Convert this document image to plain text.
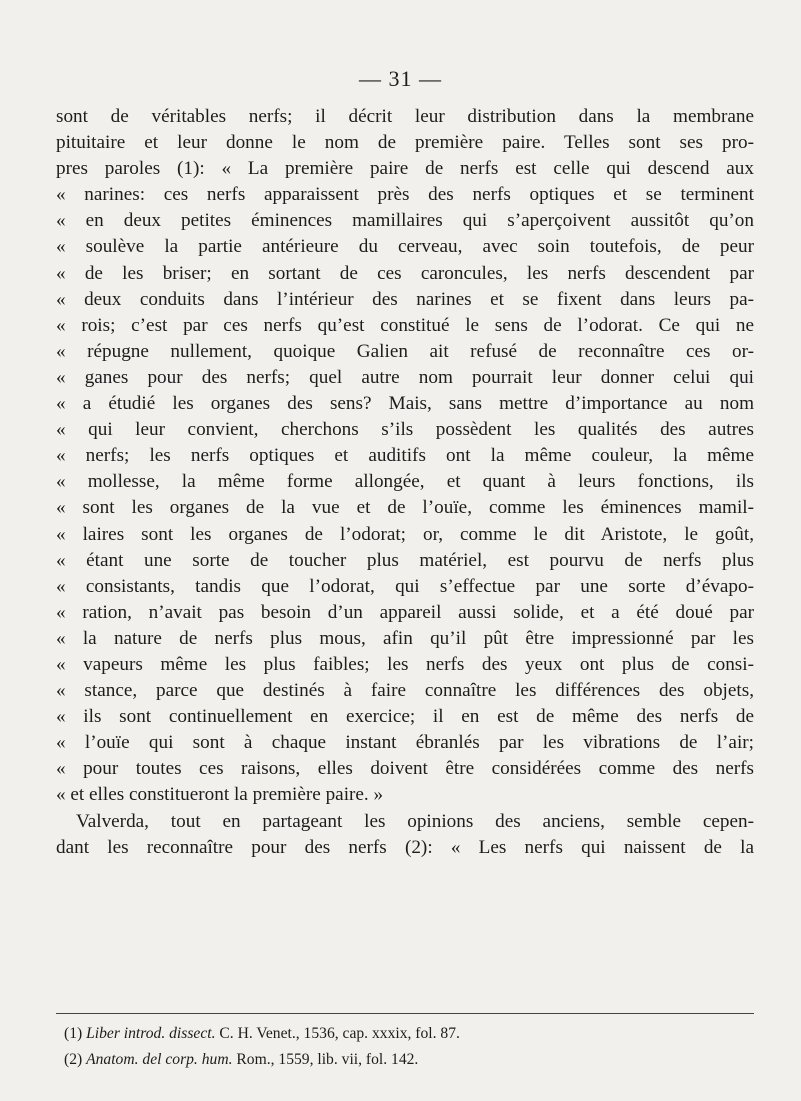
— 31 —
sont de véritables nerfs; il décrit leur distribution dans la membrane
pituitaire et leur donne le nom de première paire. Telles sont ses pro-
pres paroles (1): « La première paire de nerfs est celle qui descend aux
« narines: ces nerfs apparaissent près des nerfs optiques et se terminent
« en deux petites éminences mamillaires qui s’aperçoivent aussitôt qu’on
« soulève la partie antérieure du cerveau, avec soin toutefois, de peur
« de les briser; en sortant de ces caroncules, les nerfs descendent par
« deux conduits dans l’intérieur des narines et se fixent dans leurs pa-
« rois; c’est par ces nerfs qu’est constitué le sens de l’odorat. Ce qui ne
« répugne nullement, quoique Galien ait refusé de reconnaître ces or-
« ganes pour des nerfs; quel autre nom pourrait leur donner celui qui
« a étudié les organes des sens? Mais, sans mettre d’importance au nom
« qui leur convient, cherchons s’ils possèdent les qualités des autres
« nerfs; les nerfs optiques et auditifs ont la même couleur, la même
« mollesse, la même forme allongée, et quant à leurs fonctions, ils
« sont les organes de la vue et de l’ouïe, comme les éminences mamil-
« laires sont les organes de l’odorat; or, comme le dit Aristote, le goût,
« étant une sorte de toucher plus matériel, est pourvu de nerfs plus
« consistants, tandis que l’odorat, qui s’effectue par une sorte d’évapo-
« ration, n’avait pas besoin d’un appareil aussi solide, et a été doué par
« la nature de nerfs plus mous, afin qu’il pût être impressionné par les
« vapeurs même les plus faibles; les nerfs des yeux ont plus de consi-
« stance, parce que destinés à faire connaître les différences des objets,
« ils sont continuellement en exercice; il en est de même des nerfs de
« l’ouïe qui sont à chaque instant ébranlés par les vibrations de l’air;
« pour toutes ces raisons, elles doivent être considérées comme des nerfs
« et elles constitueront la première paire. »
Valverda, tout en partageant les opinions des anciens, semble cepen-
dant les reconnaître pour des nerfs (2): « Les nerfs qui naissent de la
(1) Liber introd. dissect. C. H. Venet., 1536, cap. xxxix, fol. 87.
(2) Anatom. del corp. hum. Rom., 1559, lib. vii, fol. 142.
